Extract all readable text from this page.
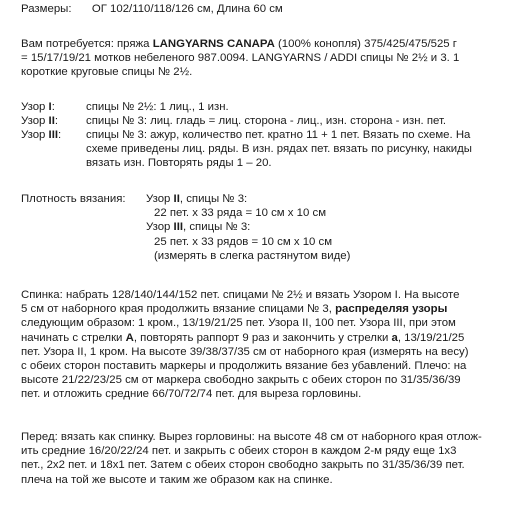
Размеры: ОГ 102/110/118/126 см, Длина 60 см
Вам потребуется: пряжа LANGYARNS CANAPA (100% конопля) 375/425/475/525 г
= 15/17/19/21 мотков небеленого 987.0094. LANGYARNS / ADDI спицы № 2½ и 3. 1
короткие круговые спицы № 2½.
Узор I:	спицы № 2½: 1 лиц., 1 изн.
Узор II: спицы № 3: лиц. гладь = лиц. сторона - лиц., изн. сторона - изн. пет.
Узор III: спицы № 3: ажур, количество пет. кратно 11 + 1 пет. Вязать по схеме. На
схеме приведены лиц. ряды. В изн. рядах пет. вязать по рисунку, накиды
вязать изн. Повторять ряды 1 – 20.
Плотность вязания: Узор II, спицы № 3:
22 пет. x 33 ряда = 10 см x 10 см
Узор III, спицы № 3:
25 пет. x 33 рядов = 10 см x 10 см
(измерять в слегка растянутом виде)
Спинка: набрать 128/140/144/152 пет. спицами № 2½ и вязать Узором I. На высоте
5 см от наборного края продолжить вязание спицами № 3, распределяя узоры
следующим образом: 1 кром., 13/19/21/25 пет. Узора II, 100 пет. Узора III, при этом
начинать с стрелки A, повторять раппорт 9 раз и закончить у стрелки a, 13/19/21/25
пет. Узора II, 1 кром. На высоте 39/38/37/35 см от наборного края (измерять на весу)
с обеих сторон поставить маркеры и продолжить вязание без убавлений. Плечо: на
высоте 21/22/23/25 см от маркера свободно закрыть с обеих сторон по 31/35/36/39
пет. и отложить средние 66/70/72/74 пет. для выреза горловины.
Перед: вязать как спинку. Вырез горловины: на высоте 48 см от наборного края отлож-
ить средние 16/20/22/24 пет. и закрыть с обеих сторон в каждом 2-м ряду еще 1x3
пет., 2x2 пет. и 18x1 пет. Затем с обеих сторон свободно закрыть по 31/35/36/39 пет.
плеча на той же высоте и таким же образом как на спинке.
